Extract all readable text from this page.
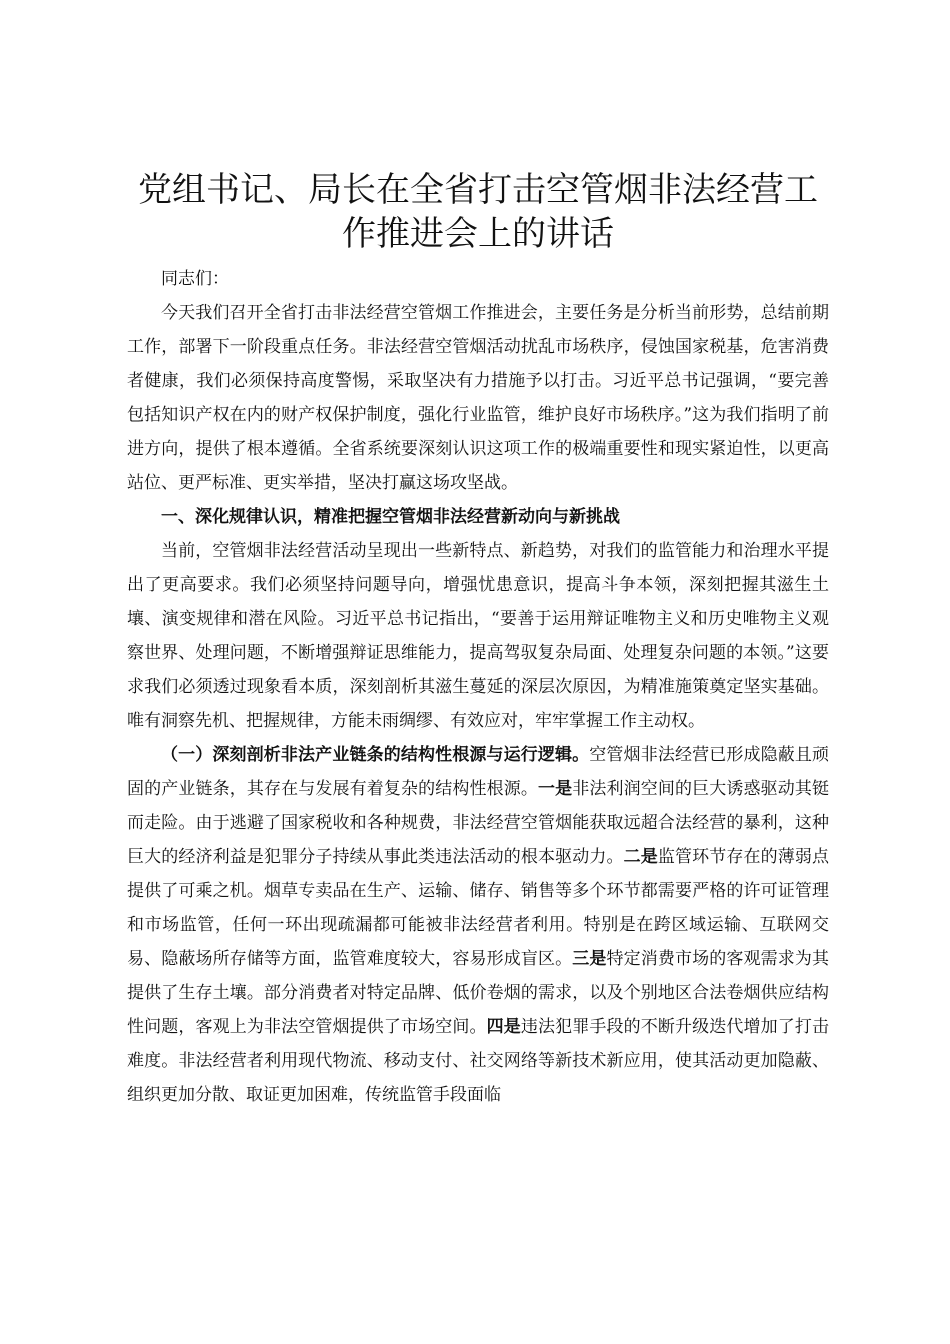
党组书记、局长在全省打击空管烟非法经营工作推进会上的讲话

同志们：

今天我们召开全省打击非法经营空管烟工作推进会，主要任务是分析当前形势，总结前期工作，部署下一阶段重点任务。非法经营空管烟活动扰乱市场秩序，侵蚀国家税基，危害消费者健康，我们必须保持高度警惕，采取坚决有力措施予以打击。习近平总书记强调，“要完善包括知识产权在内的财产权保护制度，强化行业监管，维护良好市场秩序。”这为我们指明了前进方向，提供了根本遵循。全省系统要深刻认识这项工作的极端重要性和现实紧迫性，以更高站位、更严标准、更实举措，坚决打赢这场攻坚战。

一、深化规律认识，精准把握空管烟非法经营新动向与新挑战

当前，空管烟非法经营活动呈现出一些新特点、新趋势，对我们的监管能力和治理水平提出了更高要求。我们必须坚持问题导向，增强忧患意识，提高斗争本领，深刻把握其滋生土壤、演变规律和潜在风险。习近平总书记指出，“要善于运用辩证唯物主义和历史唯物主义观察世界、处理问题，不断增强辩证思维能力，提高驾驭复杂局面、处理复杂问题的本领。”这要求我们必须透过现象看本质，深刻剖析其滋生蔓延的深层次原因，为精准施策奠定坚实基础。唯有洞察先机、把握规律，方能未雨绸缪、有效应对，牢牢掌握工作主动权。

（一）深刻剖析非法产业链条的结构性根源与运行逻辑。空管烟非法经营已形成隐蔽且顽固的产业链条，其存在与发展有着复杂的结构性根源。一是非法利润空间的巨大诱惑驱动其铤而走险。由于逃避了国家税收和各种规费，非法经营空管烟能获取远超合法经营的暴利，这种巨大的经济利益是犯罪分子持续从事此类违法活动的根本驱动力。二是监管环节存在的薄弱点提供了可乘之机。烟草专卖品在生产、运输、储存、销售等多个环节都需要严格的许可证管理和市场监管，任何一环出现疏漏都可能被非法经营者利用。特别是在跨区域运输、互联网交易、隐蔽场所存储等方面，监管难度较大，容易形成盲区。三是特定消费市场的客观需求为其提供了生存土壤。部分消费者对特定品牌、低价卷烟的需求，以及个别地区合法卷烟供应结构性问题，客观上为非法空管烟提供了市场空间。四是违法犯罪手段的不断升级迭代增加了打击难度。非法经营者利用现代物流、移动支付、社交网络等新技术新应用，使其活动更加隐蔽、组织更加分散、取证更加困难，传统监管手段面临
